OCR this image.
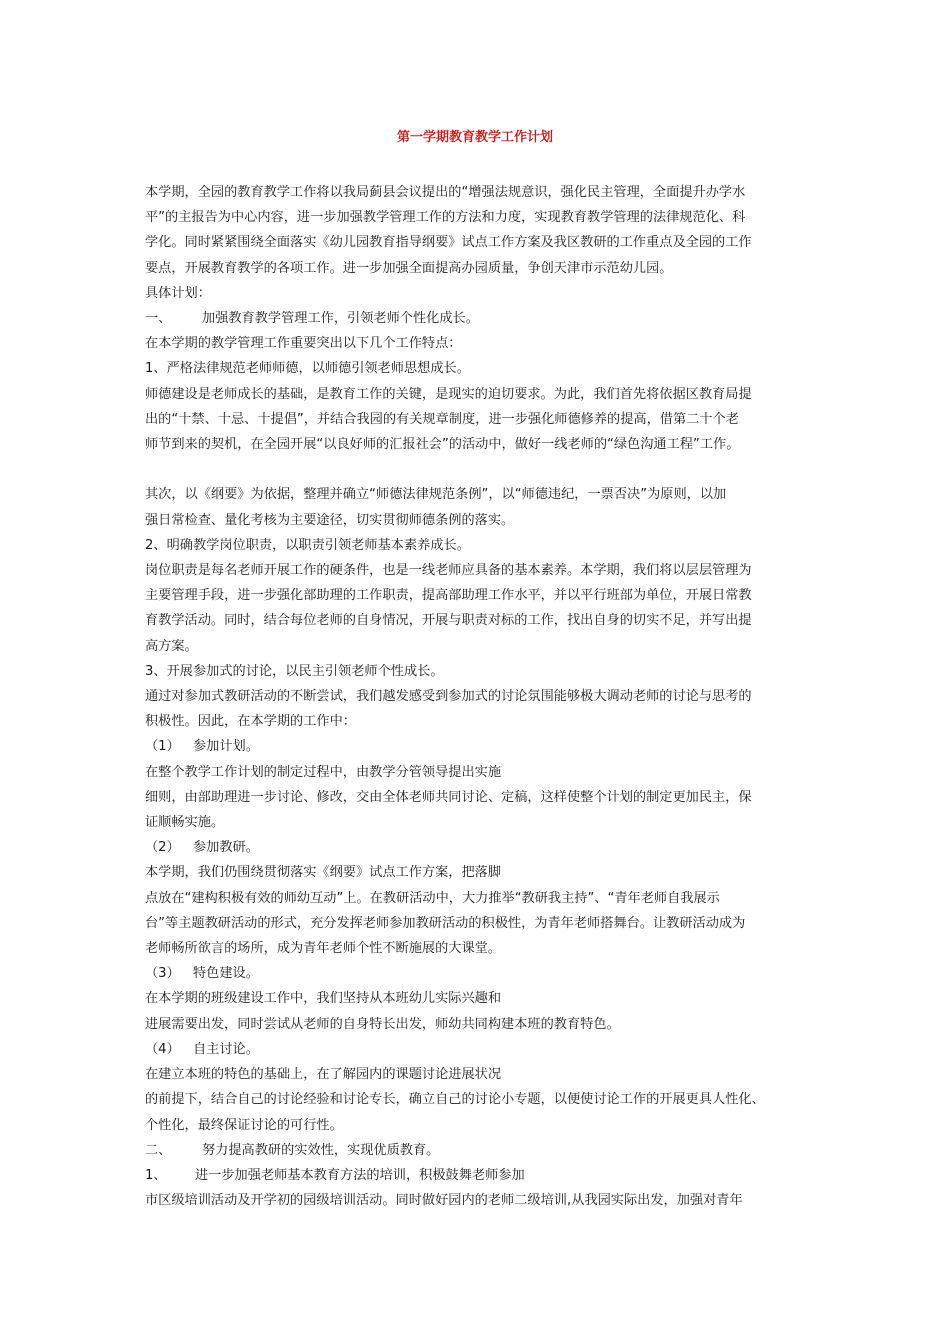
第一学期教育教学工作计划

本学期，全园的教育教学工作将以我局蓟县会议提出的“增强法规意识，强化民主管理，全面提升办学水

平”的主报告为中心内容，进一步加强教学管理工作的方法和力度，实现教育教学管理的法律规范化、科

学化。同时紧紧围绕全面落实《幼儿园教育指导纲要》试点工作方案及我区教研的工作重点及全园的工作

要点，开展教育教学的各项工作。进一步加强全面提高办园质量，争创天津市示范幼儿园。

具体计划：

一、 加强教育教学管理工作，引领老师个性化成长。

在本学期的教学管理工作重要突出以下几个工作特点：

1、严格法律规范老师师德，以师德引领老师思想成长。

师德建设是老师成长的基础，是教育工作的关键，是现实的迫切要求。为此，我们首先将依据区教育局提

出的“十禁、十忌、十提倡”，并结合我园的有关规章制度，进一步强化师德修养的提高，借第二十个老

师节到来的契机，在全园开展“以良好师的汇报社会”的活动中，做好一线老师的“绿色沟通工程”工作。

其次，以《纲要》为依据，整理并确立“师德法律规范条例”，以“师德违纪，一票否决”为原则，以加

强日常检查、量化考核为主要途径，切实贯彻师德条例的落实。

2、明确教学岗位职责，以职责引领老师基本素养成长。

岗位职责是每名老师开展工作的硬条件，也是一线老师应具备的基本素养。本学期，我们将以层层管理为

主要管理手段，进一步强化部助理的工作职责，提高部助理工作水平，并以平行班部为单位，开展日常教

育教学活动。同时，结合每位老师的自身情况，开展与职责对标的工作，找出自身的切实不足，并写出提

高方案。

3、开展参加式的讨论，以民主引领老师个性成长。

通过对参加式教研活动的不断尝试，我们越发感受到参加式的讨论氛围能够极大调动老师的讨论与思考的

积极性。因此，在本学期的工作中：

（1） 参加计划。

在整个教学工作计划的制定过程中，由教学分管领导提出实施

细则，由部助理进一步讨论、修改，交由全体老师共同讨论、定稿，这样使整个计划的制定更加民主，保

证顺畅实施。

（2） 参加教研。

本学期，我们仍围绕贯彻落实《纲要》试点工作方案，把落脚

点放在“建构积极有效的师幼互动”上。在教研活动中，大力推举“教研我主持”、“青年老师自我展示

台”等主题教研活动的形式，充分发挥老师参加教研活动的积极性，为青年老师搭舞台。让教研活动成为

老师畅所欲言的场所，成为青年老师个性不断施展的大课堂。

（3） 特色建设。

在本学期的班级建设工作中，我们坚持从本班幼儿实际兴趣和

进展需要出发，同时尝试从老师的自身特长出发，师幼共同构建本班的教育特色。

（4） 自主讨论。

在建立本班的特色的基础上，在了解园内的课题讨论进展状况

的前提下，结合自己的讨论经验和讨论专长，确立自己的讨论小专题，以便使讨论工作的开展更具人性化、

个性化，最终保证讨论的可行性。

二、 努力提高教研的实效性，实现优质教育。

1、 进一步加强老师基本教育方法的培训，积极鼓舞老师参加

市区级培训活动及开学初的园级培训活动。同时做好园内的老师二级培训,从我园实际出发，加强对青年
